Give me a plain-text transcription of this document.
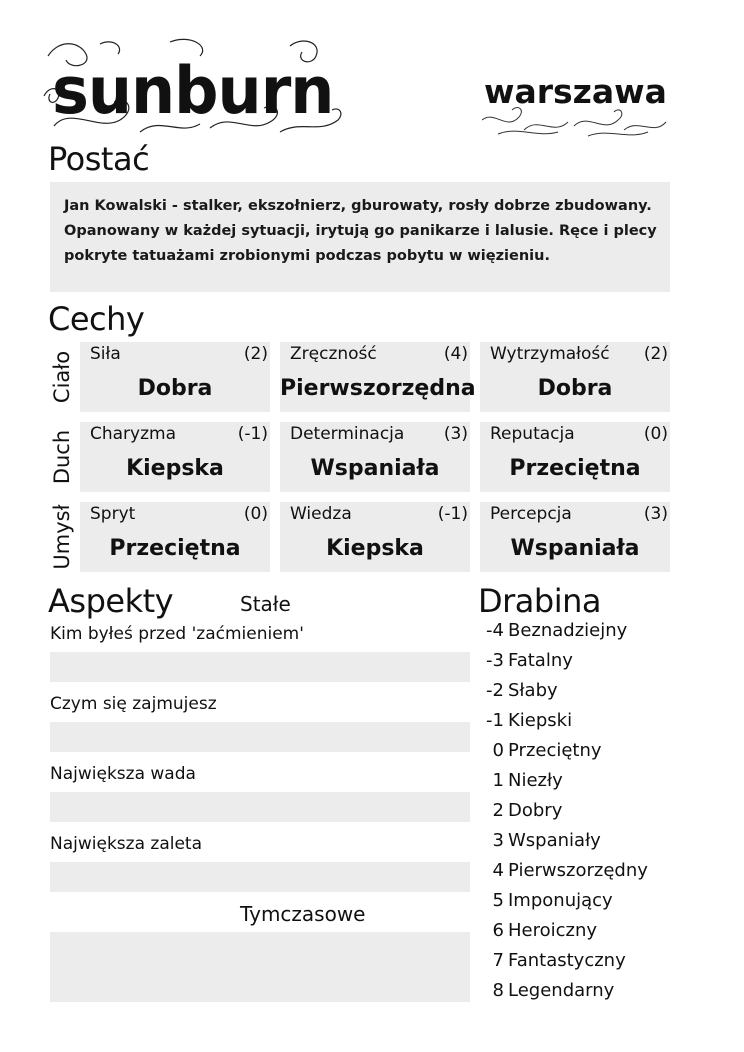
sunburn	warszawa
Postać

Jan Kowalski - stalker, ekszołnierz, gburowaty, rosły dobrze zbudowany. Opanowany w każdej sytuacji, irytują go panikarze i lalusie. Ręce i plecy pokryte tatuażami zrobionymi podczas pobytu w więzieniu.

Cechy
Ciało Siła	(2)
Dobra
Zręczność	(4)
Pierwszorzędna
Wytrzymałość (2)
Dobra
Duch Charyzma	(-1)
Kiepska
Determinacja (3)
Wspaniała
Reputacja	(0)
Przeciętna
Umysł Spryt	(0)
Przeciętna
Wiedza	(-1)
Kiepska
Percepcja	(3)
Wspaniała
Aspekty	Stałe
Kim byłeś przed 'zaćmieniem'
Czym się zajmujesz
Największa wada
Największa zaleta
Tymczasowe
Drabina
-4 Beznadziejny
-3 Fatalny
-2 Słaby
-1 Kiepski
0 Przeciętny
1 Niezły
2 Dobry
3 Wspaniały
4 Pierwszorzędny
5 Imponujący
6 Heroiczny
7 Fantastyczny
8 Legendarny
